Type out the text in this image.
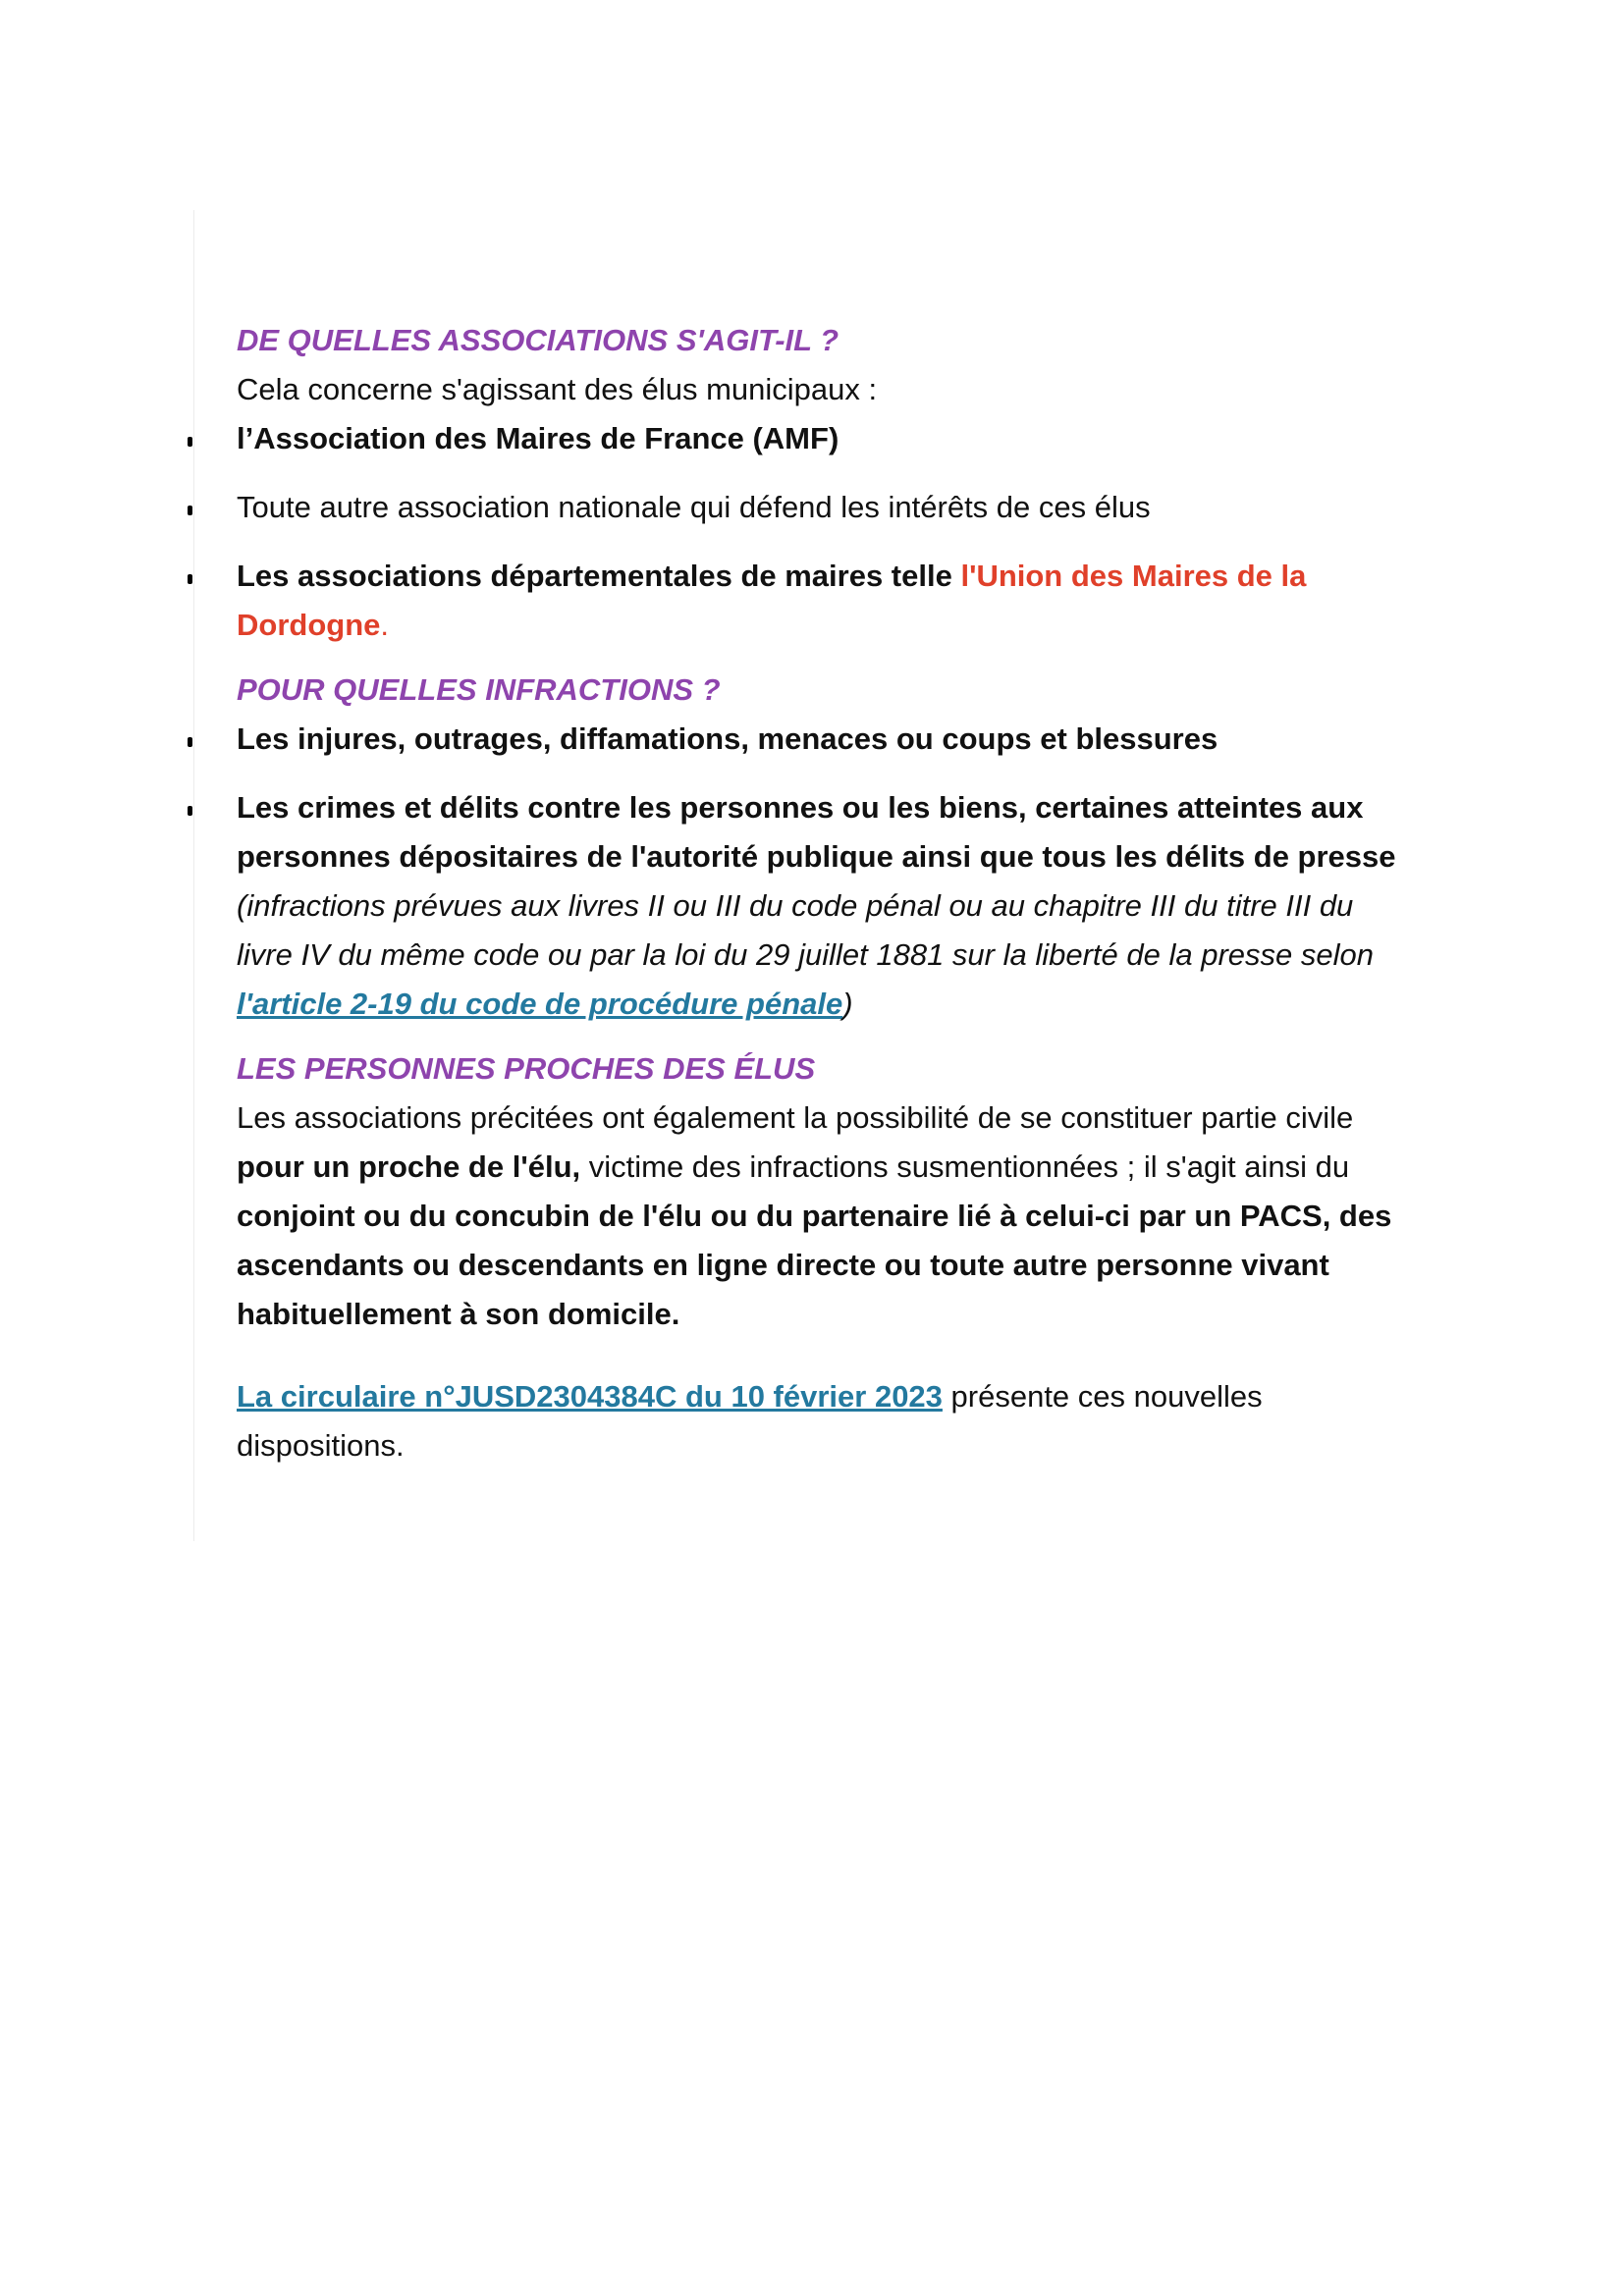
DE QUELLES ASSOCIATIONS S'AGIT-IL ?

Cela concerne s'agissant des élus municipaux :

l’Association des Maires de France (AMF)
Toute autre association nationale qui défend les intérêts de ces élus
Les associations départementales de maires telle l'Union des Maires de la Dordogne.
POUR QUELLES INFRACTIONS ?
Les injures, outrages, diffamations, menaces ou coups et blessures
Les crimes et délits contre les personnes ou les biens, certaines atteintes aux personnes dépositaires de l'autorité publique ainsi que tous les délits de presse (infractions prévues aux livres II ou III du code pénal ou au chapitre III du titre III du livre IV du même code ou par la loi du 29 juillet 1881 sur la liberté de la presse selon l'article 2-19 du code de procédure pénale)
LES PERSONNES PROCHES DES ÉLUS

Les associations précitées ont également la possibilité de se constituer partie civile pour un proche de l'élu, victime des infractions susmentionnées ; il s'agit ainsi du conjoint ou du concubin de l'élu ou du partenaire lié à celui-ci par un PACS, des ascendants ou descendants en ligne directe ou toute autre personne vivant habituellement à son domicile.

La circulaire n°JUSD2304384C du 10 février 2023 présente ces nouvelles dispositions.
